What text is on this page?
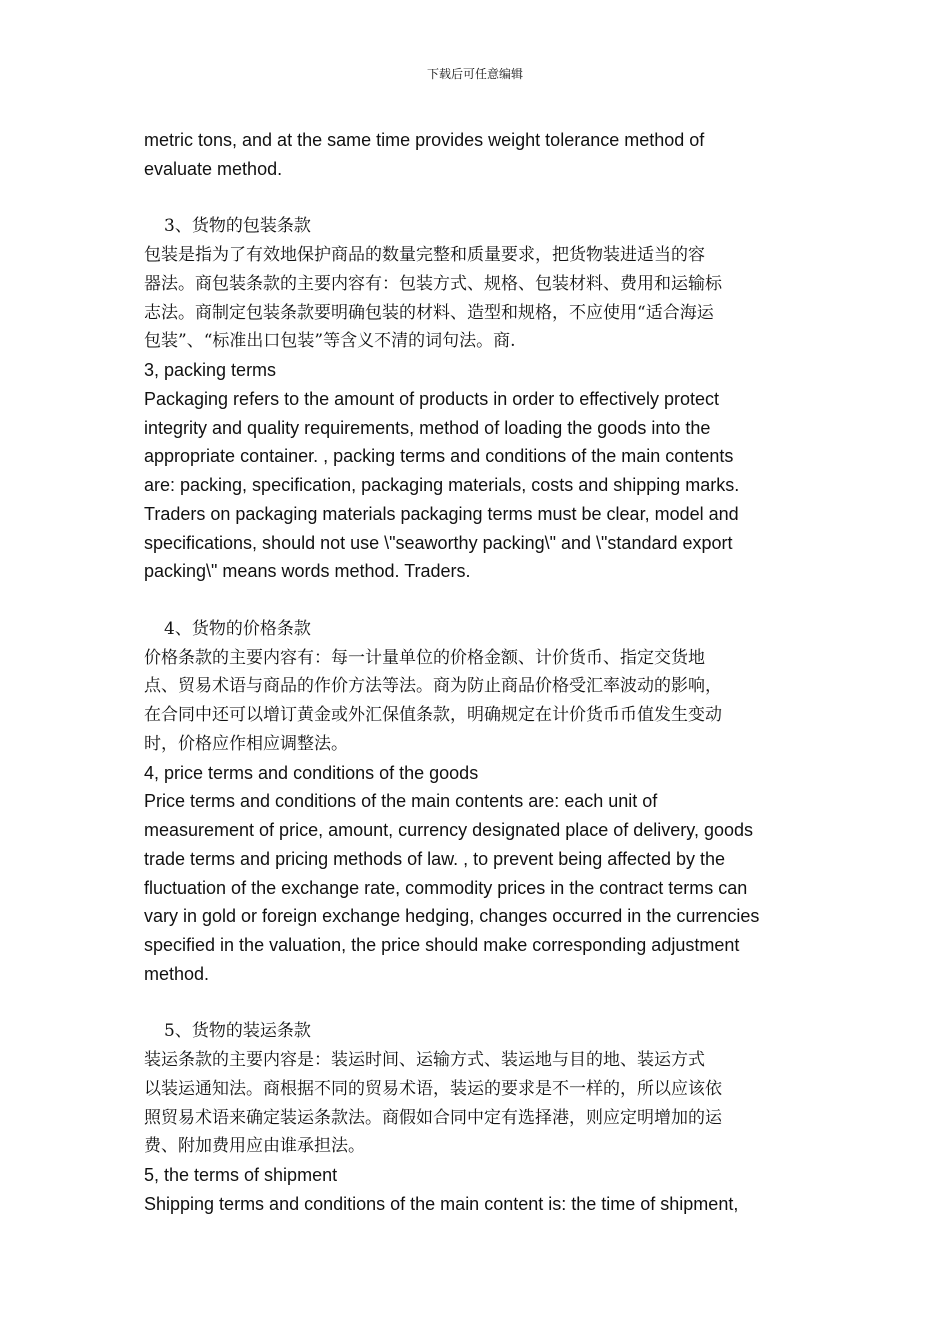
下载后可任意编辑

metric tons, and at the same time provides weight tolerance method of

evaluate method.

3、货物的包装条款

包装是指为了有效地保护商品的数量完整和质量要求，把货物装进适当的容

器法。商包装条款的主要内容有：包装方式、规格、包装材料、费用和运输标

志法。商制定包装条款要明确包装的材料、造型和规格，不应使用“适合海运

包装”、“标准出口包装”等含义不清的词句法。商.

3, packing terms

Packaging refers to the amount of products in order to effectively protect

integrity and quality requirements, method of loading the goods into the

appropriate container. , packing terms and conditions of the main contents

are: packing, specification, packaging materials, costs and shipping marks.

Traders on packaging materials packaging terms must be clear, model and

specifications, should not use \"seaworthy packing\" and \"standard export

packing\" means words method. Traders.

4、货物的价格条款

价格条款的主要内容有：每一计量单位的价格金额、计价货币、指定交货地

点、贸易术语与商品的作价方法等法。商为防止商品价格受汇率波动的影响，

在合同中还可以增订黄金或外汇保值条款，明确规定在计价货币币值发生变动

时，价格应作相应调整法。

4, price terms and conditions of the goods

Price terms and conditions of the main contents are: each unit of

measurement of price, amount, currency designated place of delivery, goods

trade terms and pricing methods of law. , to prevent being affected by the

fluctuation of the exchange rate, commodity prices in the contract terms can

vary in gold or foreign exchange hedging, changes occurred in the currencies

specified in the valuation, the price should make corresponding adjustment

method.

5、货物的装运条款

装运条款的主要内容是：装运时间、运输方式、装运地与目的地、装运方式

以装运通知法。商根据不同的贸易术语，装运的要求是不一样的，所以应该依

照贸易术语来确定装运条款法。商假如合同中定有选择港，则应定明增加的运

费、附加费用应由谁承担法。

5, the terms of shipment

Shipping terms and conditions of the main content is: the time of shipment,
